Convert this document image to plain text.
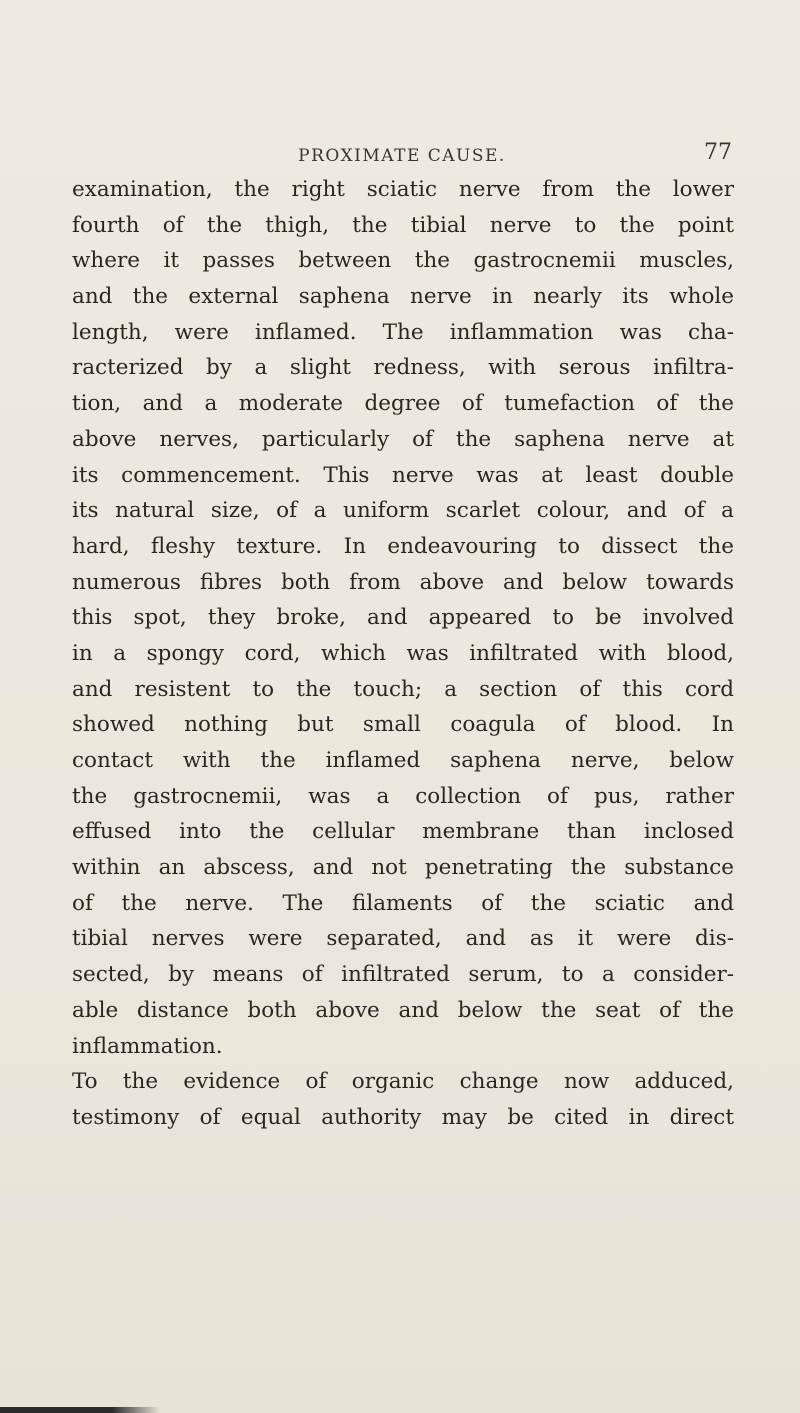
PROXIMATE CAUSE.	77
examination, the right sciatic nerve from the lower
fourth of the thigh, the tibial nerve to the point
where it passes between the gastrocnemii muscles,
and the external saphena nerve in nearly its whole
length, were inflamed. The inflammation was cha-
racterized by a slight redness, with serous infiltra-
tion, and a moderate degree of tumefaction of the
above nerves, particularly of the saphena nerve at
its commencement. This nerve was at least double
its natural size, of a uniform scarlet colour, and of a
hard, fleshy texture. In endeavouring to dissect the
numerous fibres both from above and below towards
this spot, they broke, and appeared to be involved
in a spongy cord, which was infiltrated with blood,
and resistent to the touch; a section of this cord
showed nothing but small coagula of blood. In
contact with the inflamed saphena nerve, below
the gastrocnemii, was a collection of pus, rather
effused into the cellular membrane than inclosed
within an abscess, and not penetrating the substance
of the nerve. The filaments of the sciatic and
tibial nerves were separated, and as it were dis-
sected, by means of infiltrated serum, to a consider-
able distance both above and below the seat of the
inflammation.
To the evidence of organic change now adduced,
testimony of equal authority may be cited in direct
